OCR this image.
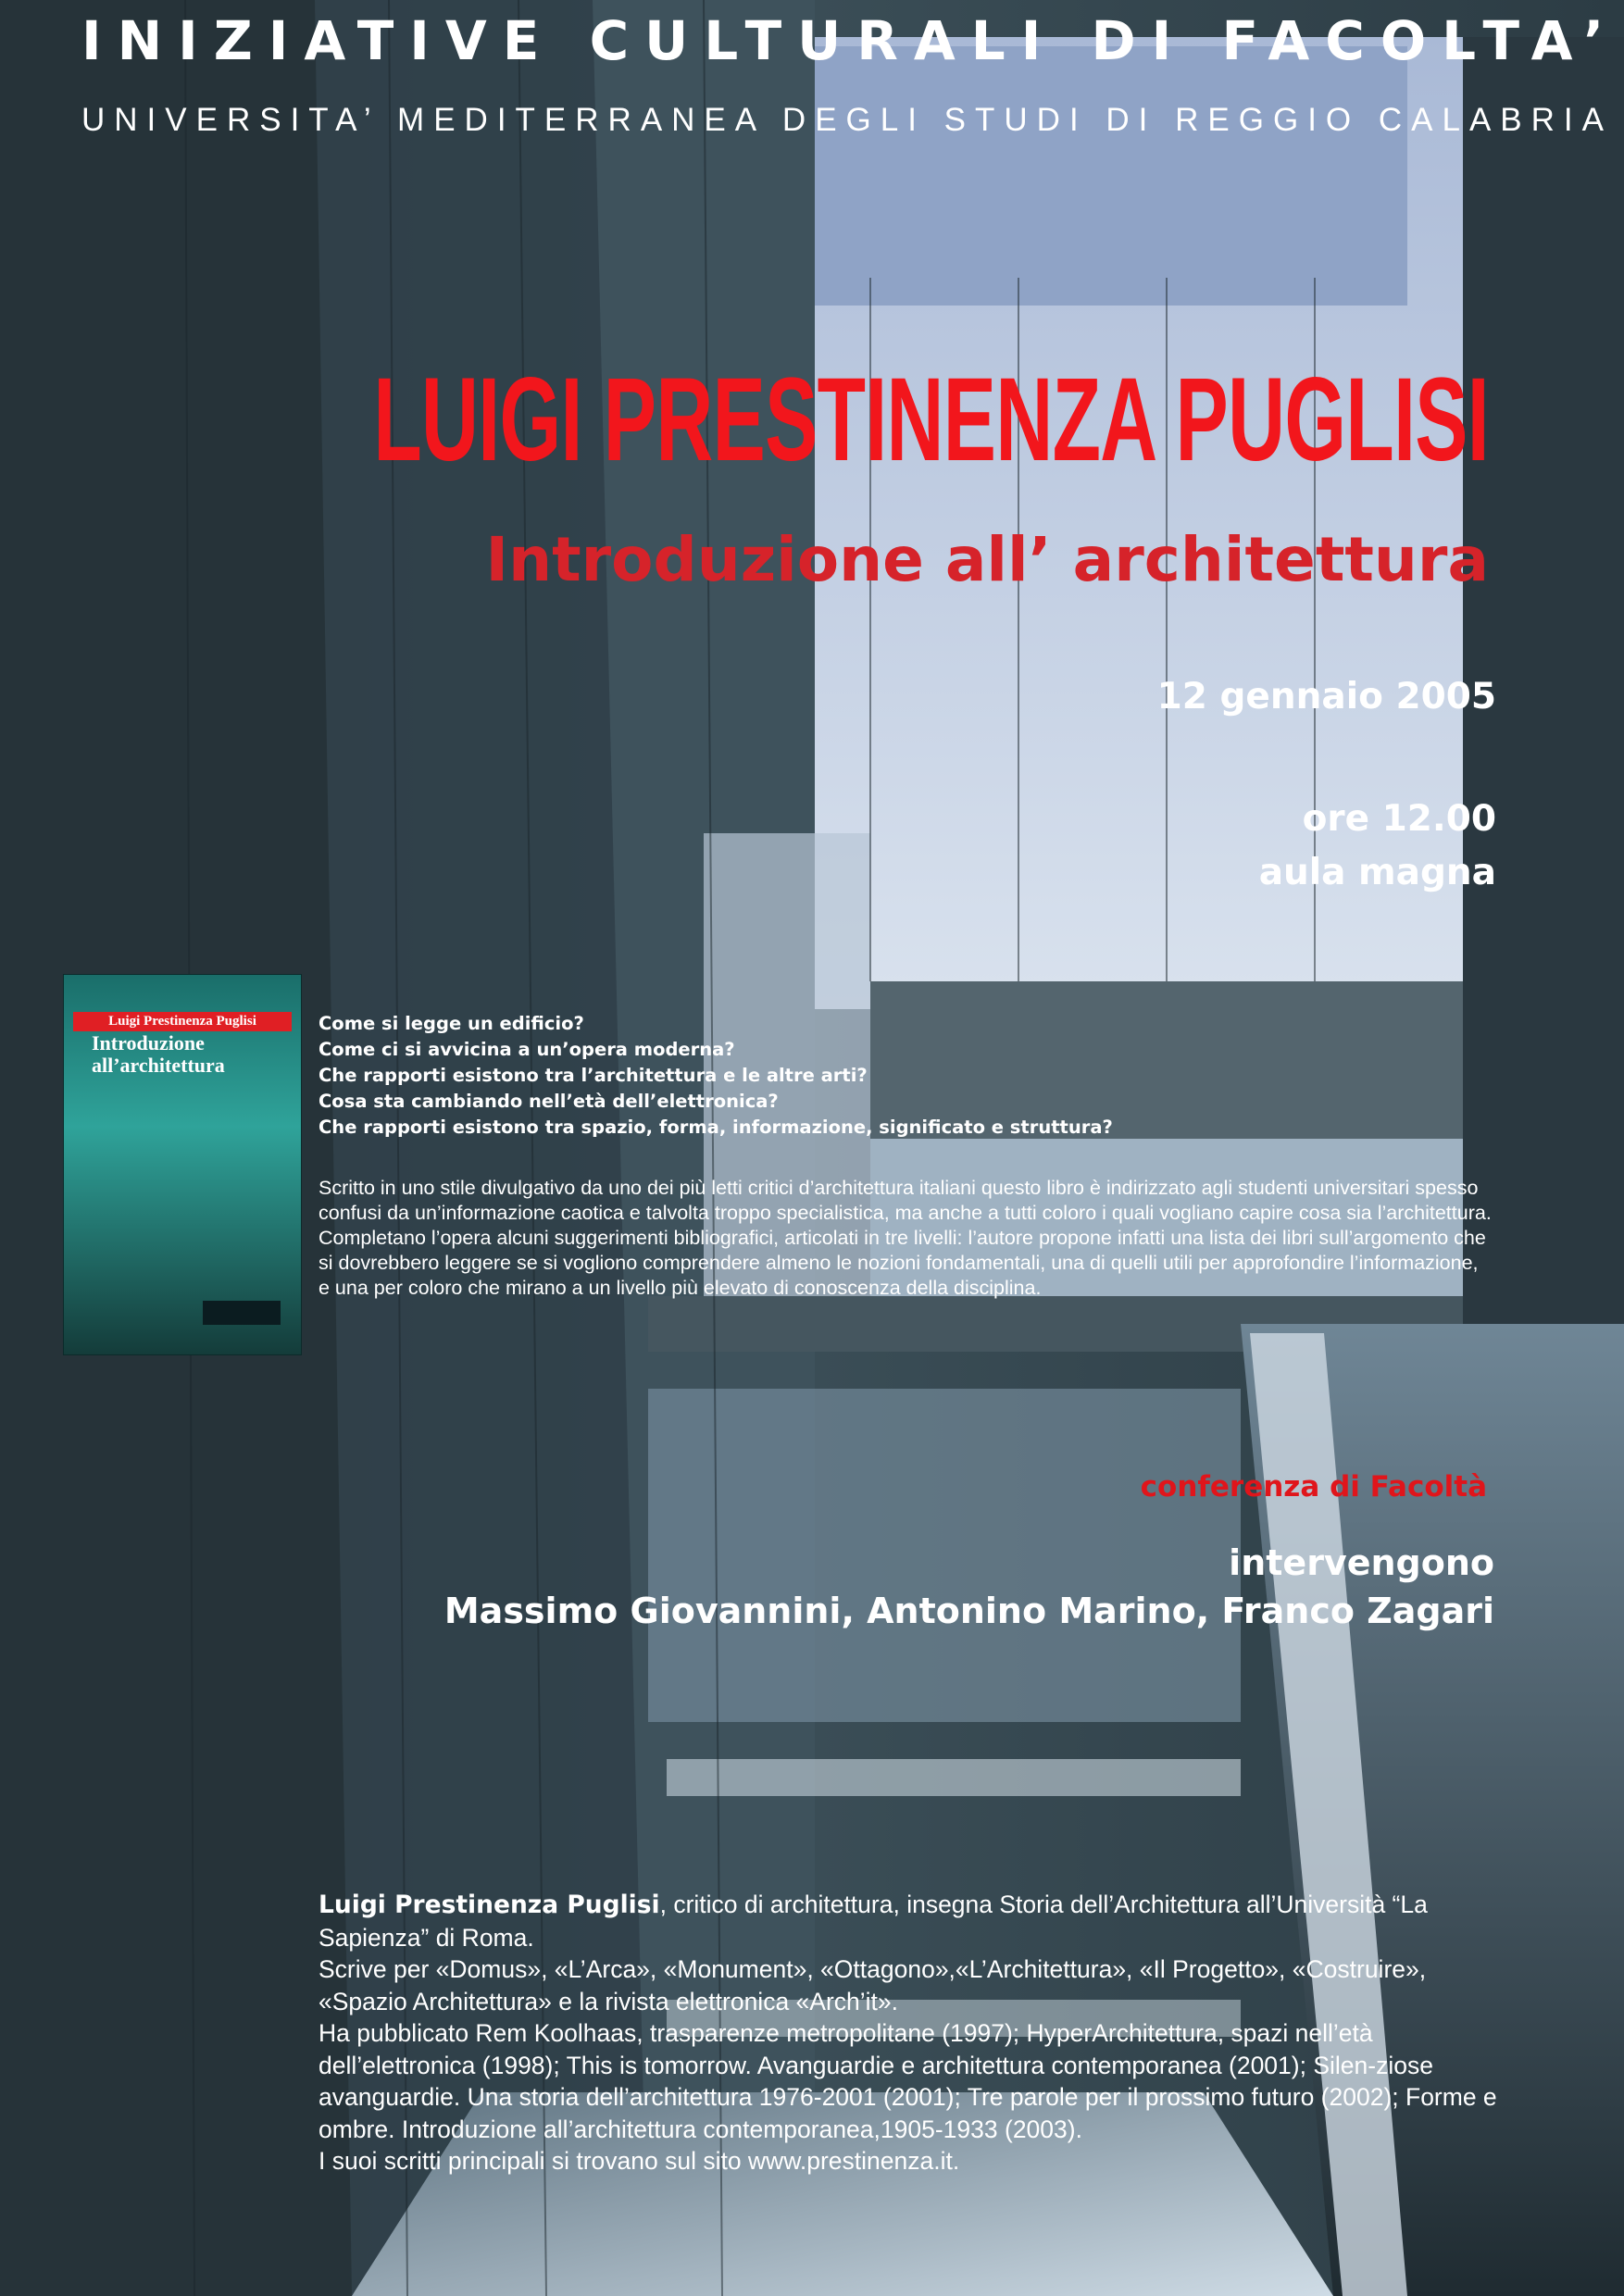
INIZIATIVE CULTURALI DI FACOLTA’
UNIVERSITA’ MEDITERRANEA DEGLI STUDI DI REGGIO CALABRIA
LUIGI PRESTINENZA PUGLISI
Introduzione all’ architettura
12 gennaio 2005
ore 12.00
aula magna
Luigi Prestinenza Puglisi
Introduzione
all’architettura
Come si legge un edificio?
Come ci si avvicina a un’opera moderna?
Che rapporti esistono tra l’architettura e le altre arti?
Cosa sta cambiando nell’età dell’elettronica?
Che rapporti esistono tra spazio, forma, informazione, significato e struttura?
Scritto in uno stile divulgativo da uno dei più letti critici d’architettura italiani questo libro è indirizzato agli studenti universitari spesso confusi da un’informazione caotica e talvolta troppo specialistica, ma anche a tutti coloro i quali vogliano capire cosa sia l’architettura. Completano l’opera alcuni suggerimenti bibliografici, articolati in tre livelli: l’autore propone infatti una lista dei libri sull’argomento che si dovrebbero leggere se si vogliono comprendere almeno le nozioni fondamentali, una di quelli utili per approfondire l’informazione, e una per coloro che mirano a un livello più elevato di conoscenza della disciplina.
conferenza di Facoltà
intervengono
Massimo Giovannini, Antonino Marino, Franco Zagari
Luigi Prestinenza Puglisi, critico di architettura, insegna Storia dell’Architettura all’Università “La Sapienza” di Roma.
Scrive per «Domus», «L’Arca», «Monument», «Ottagono»,«L’Architettura», «Il Progetto», «Costruire», «Spazio Architettura» e la rivista elettronica «Arch’it».
Ha pubblicato Rem Koolhaas, trasparenze metropolitane (1997); HyperArchitettura, spazi nell’età dell’elettronica (1998); This is tomorrow. Avanguardie e architettura contemporanea (2001); Silen-ziose avanguardie. Una storia dell’architettura 1976-2001 (2001); Tre parole per il prossimo futuro (2002); Forme e ombre. Introduzione all’architettura contemporanea,1905-1933 (2003).
I suoi scritti principali si trovano sul sito www.prestinenza.it.
